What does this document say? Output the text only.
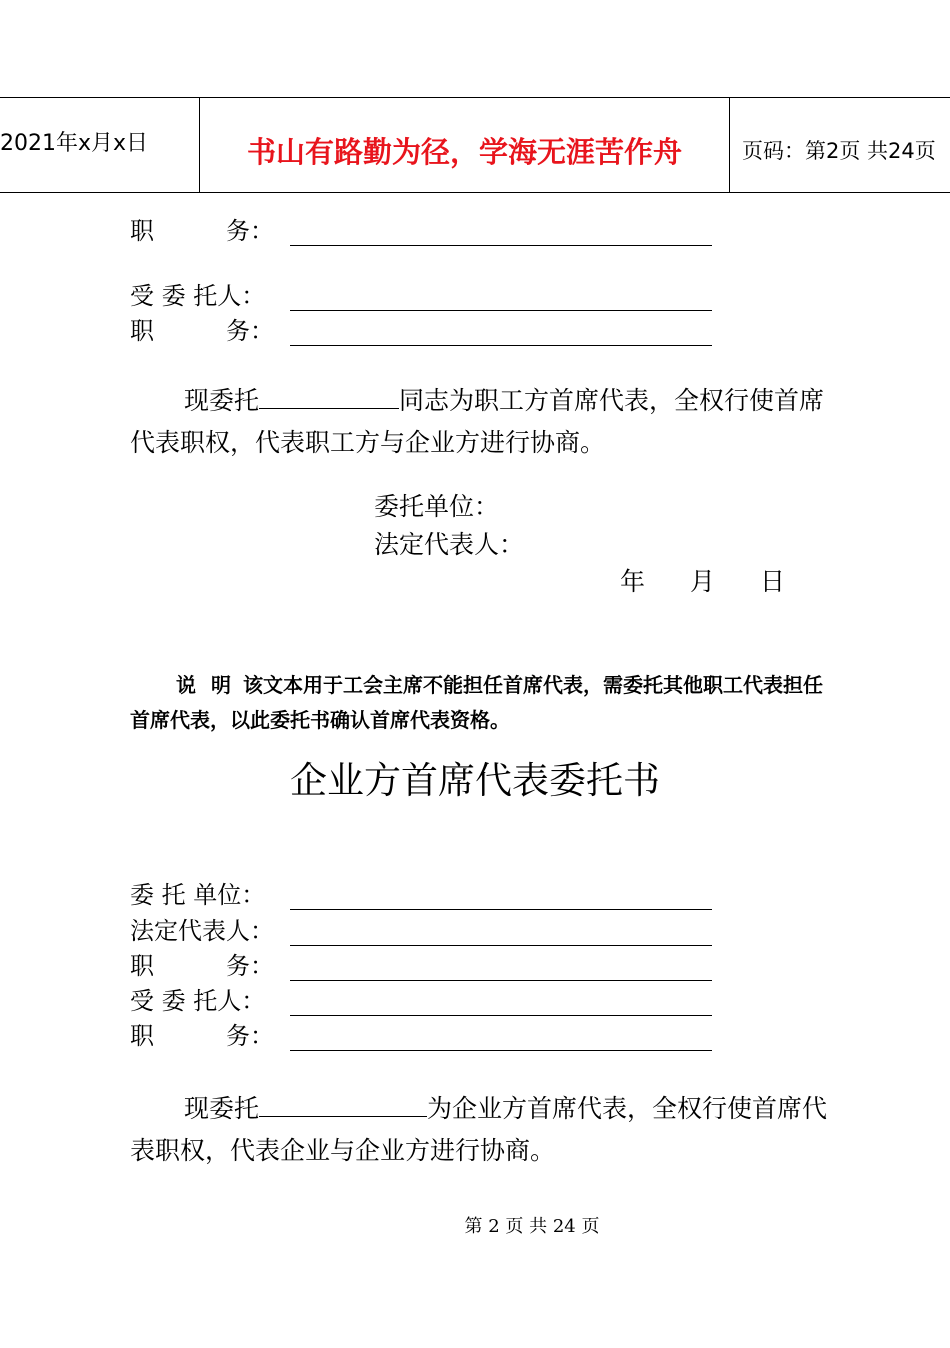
2021年x月x日	书山有路勤为径，学海无涯苦作舟	页码：第2页 共24页
职　　　务：
受 委 托人：
职　　　务：
现委托	同志为职工方首席代表，全权行使首席代表职权，代表职工方与企业方进行协商。
委托单位：
法定代表人：
年	月	日
说 明 该文本用于工会主席不能担任首席代表，需委托其他职工代表担任首席代表，以此委托书确认首席代表资格。
企业方首席代表委托书
委 托 单位：
法定代表人：
职　　　务：
受 委 托人：
职　　　务：
现委托	为企业方首席代表，全权行使首席代表职权，代表企业与企业方进行协商。
第 2 页 共 24 页
